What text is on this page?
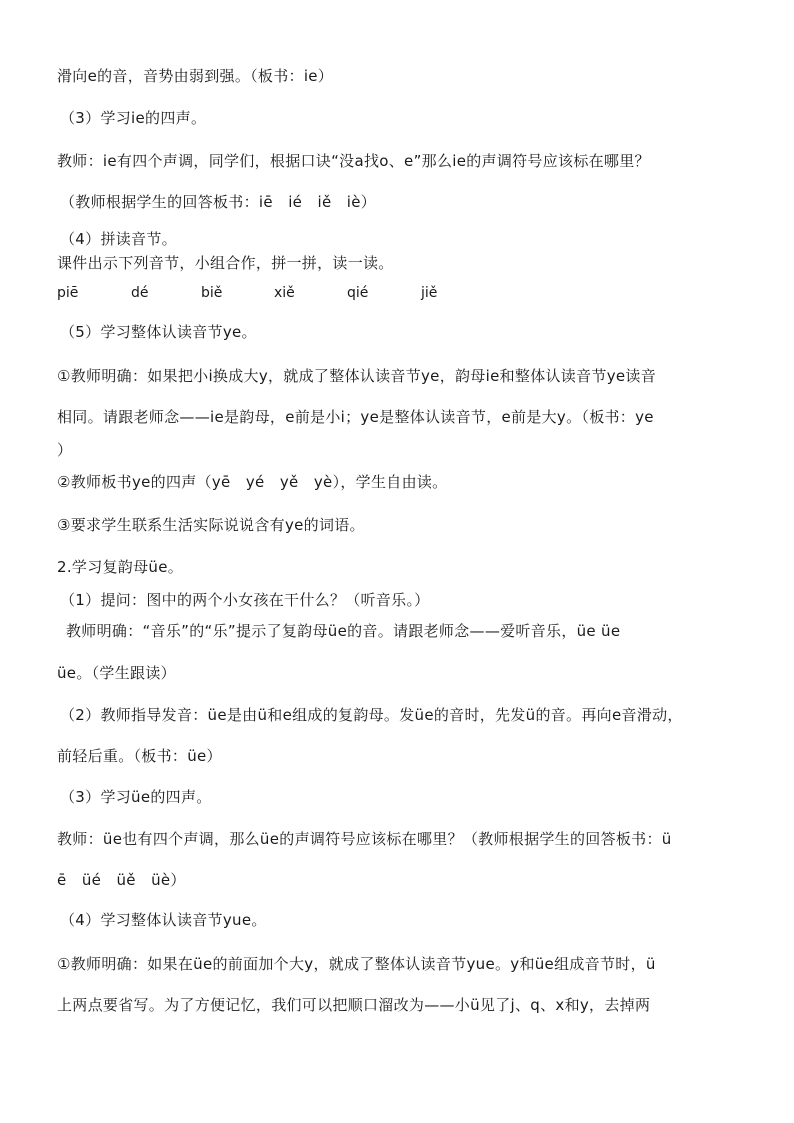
滑向e的音，音势由弱到强。（板书：ie）
（3）学习ie的四声。
教师：ie有四个声调，同学们，根据口诀“没a找o、e”那么ie的声调符号应该标在哪里？
（教师根据学生的回答板书：iē　ié　iě　iè）
（4）拼读音节。
课件出示下列音节，小组合作，拼一拼，读一读。
piē	dé	biě	xiě	qié	jiě
（5）学习整体认读音节ye。
①教师明确：如果把小i换成大y，就成了整体认读音节ye，韵母ie和整体认读音节ye读音
相同。请跟老师念——ie是韵母，e前是小i；ye是整体认读音节，e前是大y。（板书：ye
）
②教师板书ye的四声（yē　yé　yě　yè），学生自由读。
③要求学生联系生活实际说说含有ye的词语。
2.学习复韵母üe。
（1）提问：图中的两个小女孩在干什么？（听音乐。）
教师明确：“音乐”的“乐”提示了复韵母üe的音。请跟老师念——爱听音乐，üe üe
üe。（学生跟读）
（2）教师指导发音：üe是由ü和e组成的复韵母。发üe的音时，先发ü的音。再向e音滑动，
前轻后重。（板书：üe）
（3）学习üe的四声。
教师：üe也有四个声调，那么üe的声调符号应该标在哪里？（教师根据学生的回答板书：ü
ē　üé　üě　üè）
（4）学习整体认读音节yue。
①教师明确：如果在üe的前面加个大y，就成了整体认读音节yue。y和üe组成音节时，ü
上两点要省写。为了方便记忆，我们可以把顺口溜改为——小ü见了j、q、x和y，去掉两
